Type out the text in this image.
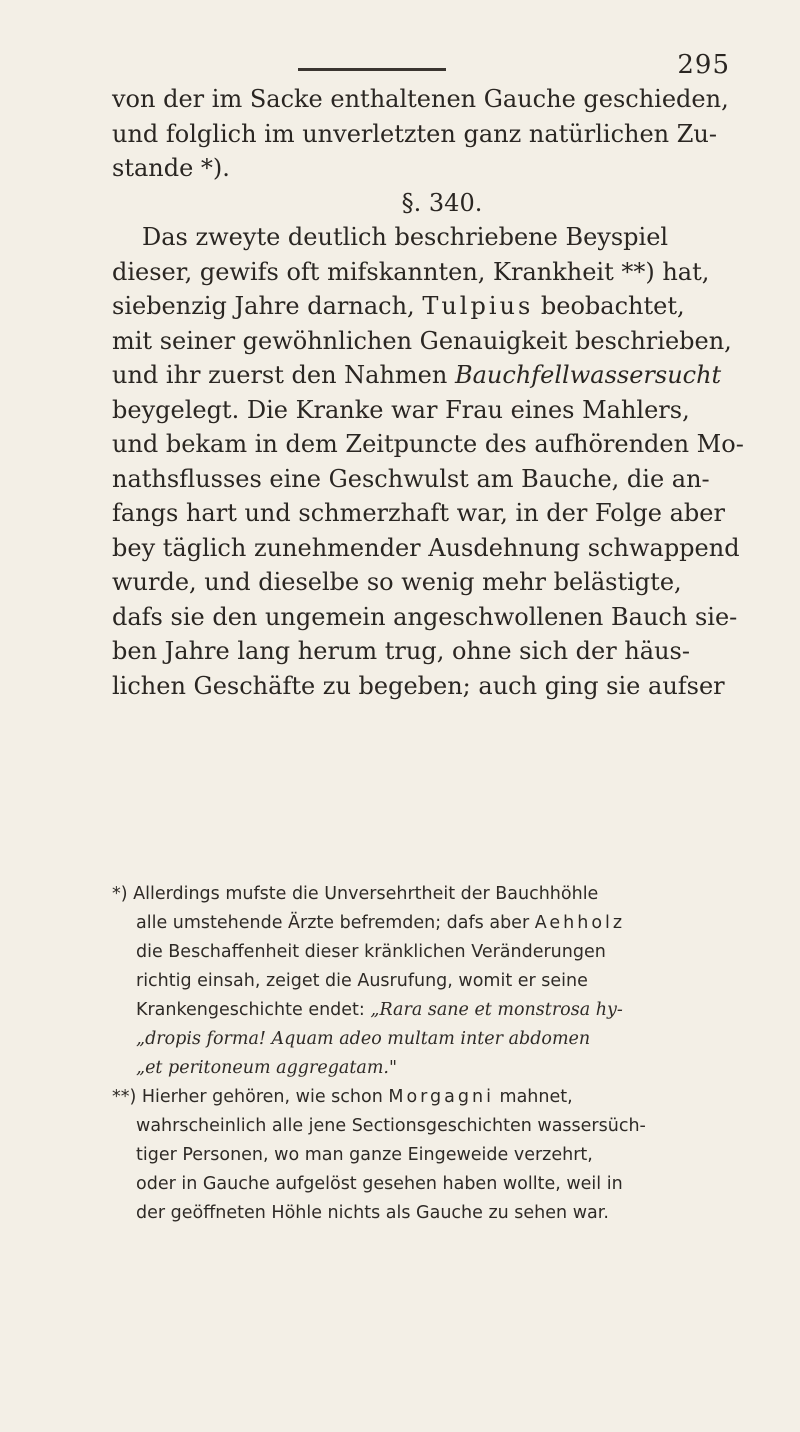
295
von der im Sacke enthaltenen Gauche geschieden,
und folglich im unverletzten ganz natürlichen Zu-
stande *).
§. 340.
Das zweyte deutlich beschriebene Beyspiel
dieser, gewifs oft mifskannten, Krankheit **) hat,
siebenzig Jahre darnach, Tulpius beobachtet,
mit seiner gewöhnlichen Genauigkeit beschrieben,
und ihr zuerst den Nahmen Bauchfellwassersucht
beygelegt. Die Kranke war Frau eines Mahlers,
und bekam in dem Zeitpuncte des aufhörenden Mo-
nathsflusses eine Geschwulst am Bauche, die an-
fangs hart und schmerzhaft war, in der Folge aber
bey täglich zunehmender Ausdehnung schwappend
wurde, und dieselbe so wenig mehr belästigte,
dafs sie den ungemein angeschwollenen Bauch sie-
ben Jahre lang herum trug, ohne sich der häus-
lichen Geschäfte zu begeben; auch ging sie aufser
*) Allerdings mufste die Unversehrtheit der Bauchhöhle
alle umstehende Ärzte befremden; dafs aber Aehholz
die Beschaffenheit dieser kränklichen Veränderungen
richtig einsah, zeiget die Ausrufung, womit er seine
Krankengeschichte endet: „Rara sane et monstrosa hy-
„dropis forma! Aquam adeo multam inter abdomen
„et peritoneum aggregatam."
**) Hierher gehören, wie schon Morgagni mahnet,
wahrscheinlich alle jene Sectionsgeschichten wassersüch-
tiger Personen, wo man ganze Eingeweide verzehrt,
oder in Gauche aufgelöst gesehen haben wollte, weil in
der geöffneten Höhle nichts als Gauche zu sehen war.
